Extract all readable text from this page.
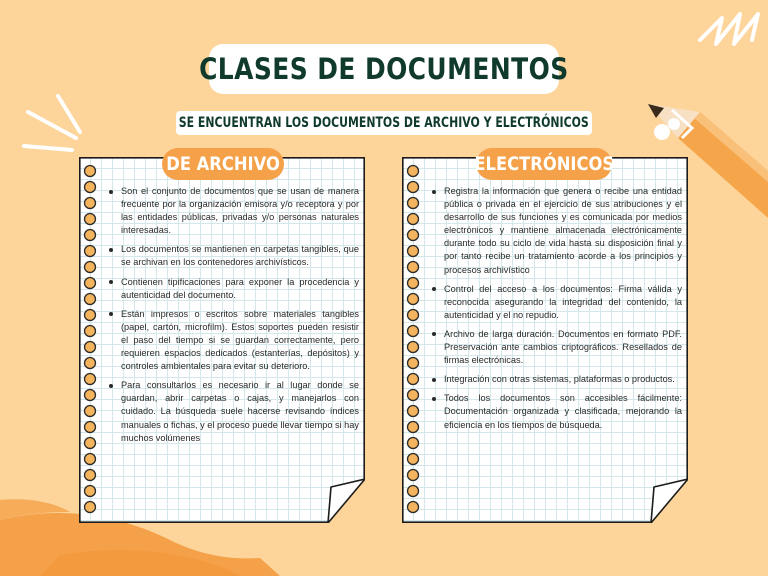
CLASES DE DOCUMENTOS
SE ENCUENTRAN LOS DOCUMENTOS DE ARCHIVO Y ELECTRÓNICOS
DE ARCHIVO
Son el conjunto de documentos que se usan de manera frecuente por la organización emisora y/o receptora y por las entidades públicas, privadas y/o personas naturales interesadas.
Los documentos se mantienen en carpetas tangibles, que se archivan en los contenedores archivísticos.
Contienen tipificaciones para exponer la procedencia y autenticidad del documento.
Están impresos o escritos sobre materiales tangibles (papel, cartón, microfilm). Estos soportes pueden resistir el paso del tiempo si se guardan correctamente, pero requieren espacios dedicados (estanterías, depósitos) y controles ambientales para evitar su deterioro.
Para consultarlos es necesario ir al lugar donde se guardan, abrir carpetas o cajas, y manejarlos con cuidado. La búsqueda suele hacerse revisando índices manuales o fichas, y el proceso puede llevar tiempo si hay muchos volúmenes
ELECTRÓNICOS
Registra la información que genera o recibe una entidad pública o privada en el ejercicio de sus atribuciones y el desarrollo de sus funciones y es comunicada por medios electrónicos y mantiene almacenada electrónicamente durante todo su ciclo de vida hasta su disposición final y por tanto recibe un tratamiento acorde a los principios y procesos archivístico
Control del acceso a los documentos: Firma válida y reconocida asegurando la integridad del contenido, la autenticidad y el no repudio.
Archivo de larga duración. Documentos en formato PDF. Preservación ante cambios criptográficos. Resellados de firmas electrónicas.
Integración con otras sistemas, plataformas o productos.
Todos los documentos son accesibles fácilmente: Documentación organizada y clasificada, mejorando la eficiencia en los tiempos de búsqueda.
